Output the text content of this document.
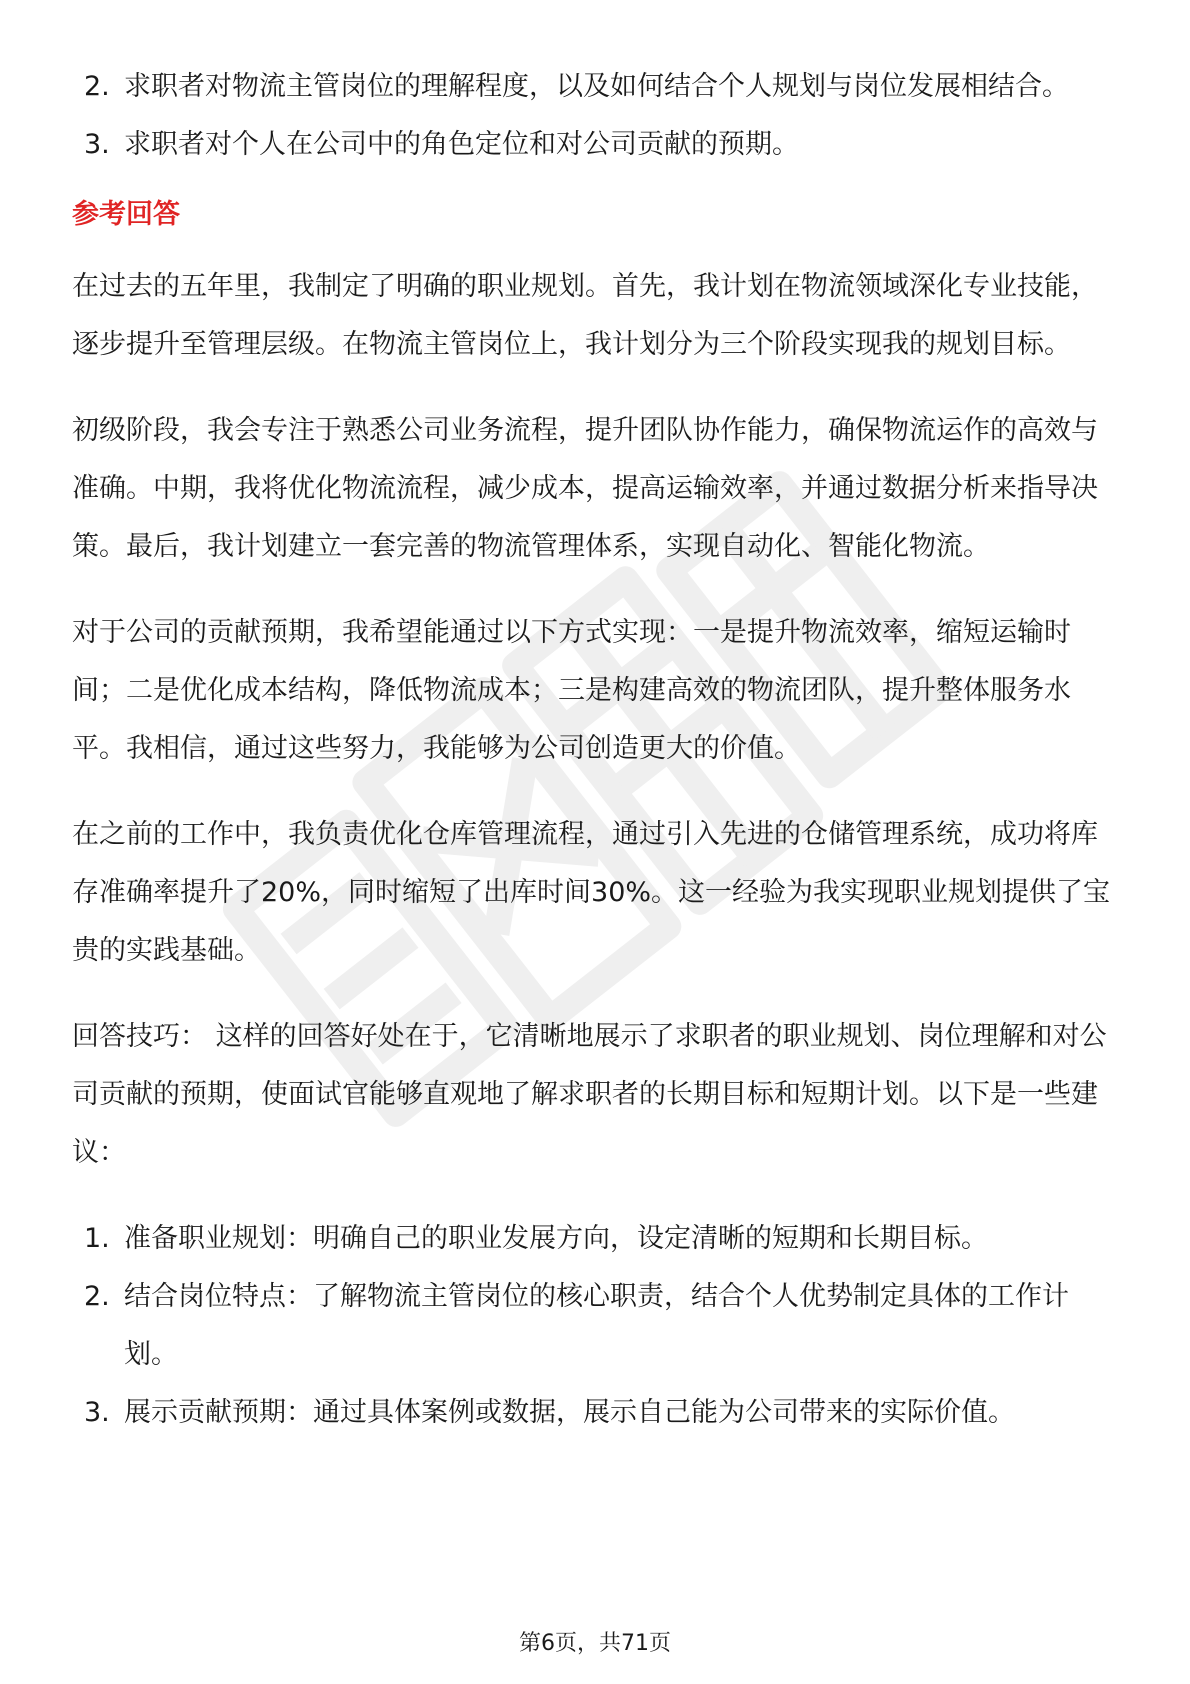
2. 求职者对物流主管岗位的理解程度，以及如何结合个人规划与岗位发展相结合。
3. 求职者对个人在公司中的角色定位和对公司贡献的预期。
参考回答

在过去的五年里，我制定了明确的职业规划。首先，我计划在物流领域深化专业技能，逐步提升至管理层级。在物流主管岗位上，我计划分为三个阶段实现我的规划目标。

初级阶段，我会专注于熟悉公司业务流程，提升团队协作能力，确保物流运作的高效与准确。中期，我将优化物流流程，减少成本，提高运输效率，并通过数据分析来指导决策。最后，我计划建立一套完善的物流管理体系，实现自动化、智能化物流。

对于公司的贡献预期，我希望能通过以下方式实现：一是提升物流效率，缩短运输时间；二是优化成本结构，降低物流成本；三是构建高效的物流团队，提升整体服务水平。我相信，通过这些努力，我能够为公司创造更大的价值。

在之前的工作中，我负责优化仓库管理流程，通过引入先进的仓储管理系统，成功将库存准确率提升了20%，同时缩短了出库时间30%。这一经验为我实现职业规划提供了宝贵的实践基础。

回答技巧： 这样的回答好处在于，它清晰地展示了求职者的职业规划、岗位理解和对公司贡献的预期，使面试官能够直观地了解求职者的长期目标和短期计划。以下是一些建议：

1. 准备职业规划：明确自己的职业发展方向，设定清晰的短期和长期目标。
2. 结合岗位特点：了解物流主管岗位的核心职责，结合个人优势制定具体的工作计划。
3. 展示贡献预期：通过具体案例或数据，展示自己能为公司带来的实际价值。
第6页，共71页
